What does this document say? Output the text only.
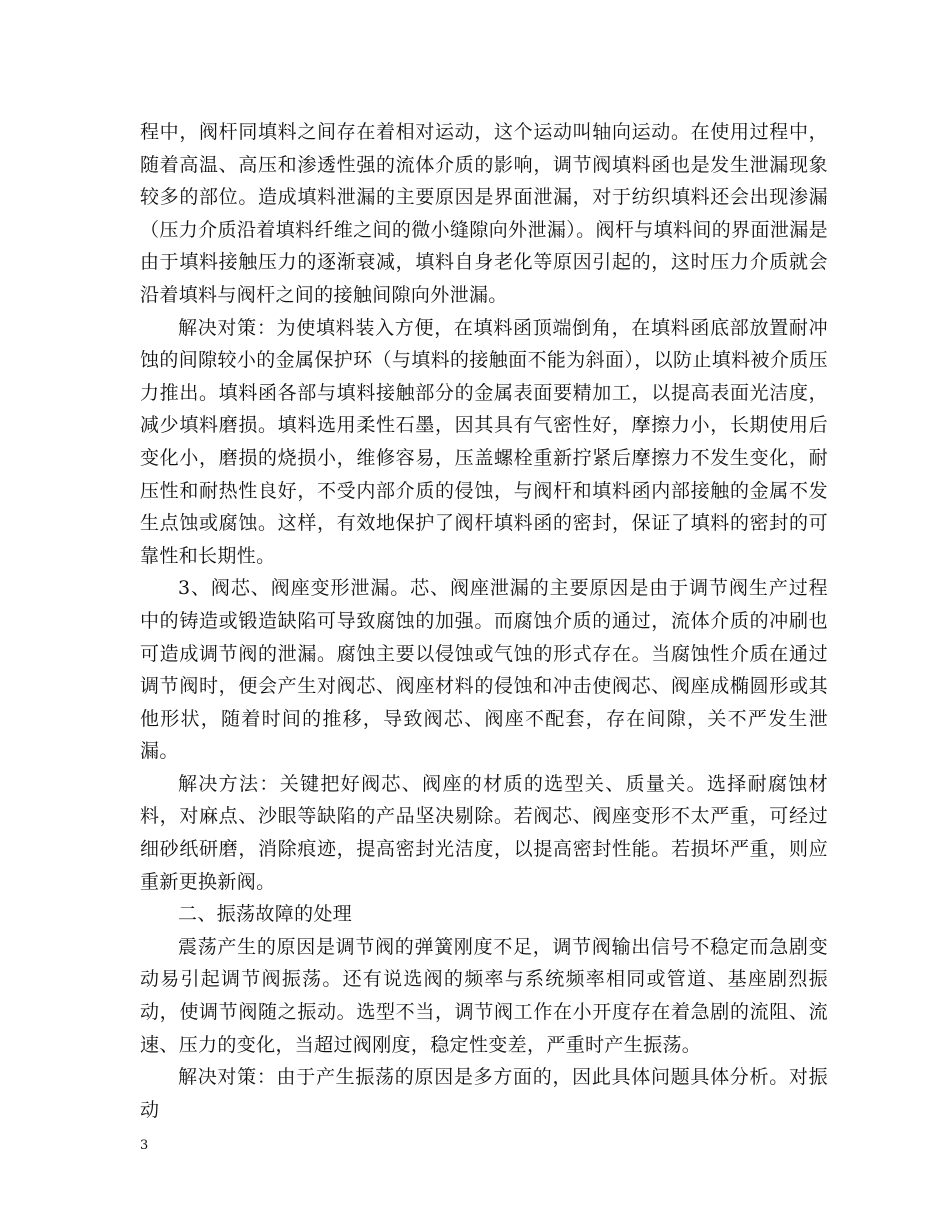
程中，阀杆同填料之间存在着相对运动，这个运动叫轴向运动。在使用过程中，随着高温、高压和渗透性强的流体介质的影响，调节阀填料函也是发生泄漏现象较多的部位。造成填料泄漏的主要原因是界面泄漏，对于纺织填料还会出现渗漏（压力介质沿着填料纤维之间的微小缝隙向外泄漏）。阀杆与填料间的界面泄漏是由于填料接触压力的逐渐衰减，填料自身老化等原因引起的，这时压力介质就会沿着填料与阀杆之间的接触间隙向外泄漏。

解决对策：为使填料装入方便，在填料函顶端倒角，在填料函底部放置耐冲蚀的间隙较小的金属保护环（与填料的接触面不能为斜面），以防止填料被介质压力推出。填料函各部与填料接触部分的金属表面要精加工，以提高表面光洁度，减少填料磨损。填料选用柔性石墨，因其具有气密性好，摩擦力小，长期使用后变化小，磨损的烧损小，维修容易，压盖螺栓重新拧紧后摩擦力不发生变化，耐压性和耐热性良好，不受内部介质的侵蚀，与阀杆和填料函内部接触的金属不发生点蚀或腐蚀。这样，有效地保护了阀杆填料函的密封，保证了填料的密封的可靠性和长期性。

3、阀芯、阀座变形泄漏。芯、阀座泄漏的主要原因是由于调节阀生产过程中的铸造或锻造缺陷可导致腐蚀的加强。而腐蚀介质的通过，流体介质的冲刷也可造成调节阀的泄漏。腐蚀主要以侵蚀或气蚀的形式存在。当腐蚀性介质在通过调节阀时，便会产生对阀芯、阀座材料的侵蚀和冲击使阀芯、阀座成椭圆形或其他形状，随着时间的推移，导致阀芯、阀座不配套，存在间隙，关不严发生泄漏。

解决方法：关键把好阀芯、阀座的材质的选型关、质量关。选择耐腐蚀材料，对麻点、沙眼等缺陷的产品坚决剔除。若阀芯、阀座变形不太严重，可经过细砂纸研磨，消除痕迹，提高密封光洁度，以提高密封性能。若损坏严重，则应重新更换新阀。

二、振荡故障的处理

震荡产生的原因是调节阀的弹簧刚度不足，调节阀输出信号不稳定而急剧变动易引起调节阀振荡。还有说选阀的频率与系统频率相同或管道、基座剧烈振动，使调节阀随之振动。选型不当，调节阀工作在小开度存在着急剧的流阻、流速、压力的变化，当超过阀刚度，稳定性变差，严重时产生振荡。

解决对策：由于产生振荡的原因是多方面的，因此具体问题具体分析。对振动

3
